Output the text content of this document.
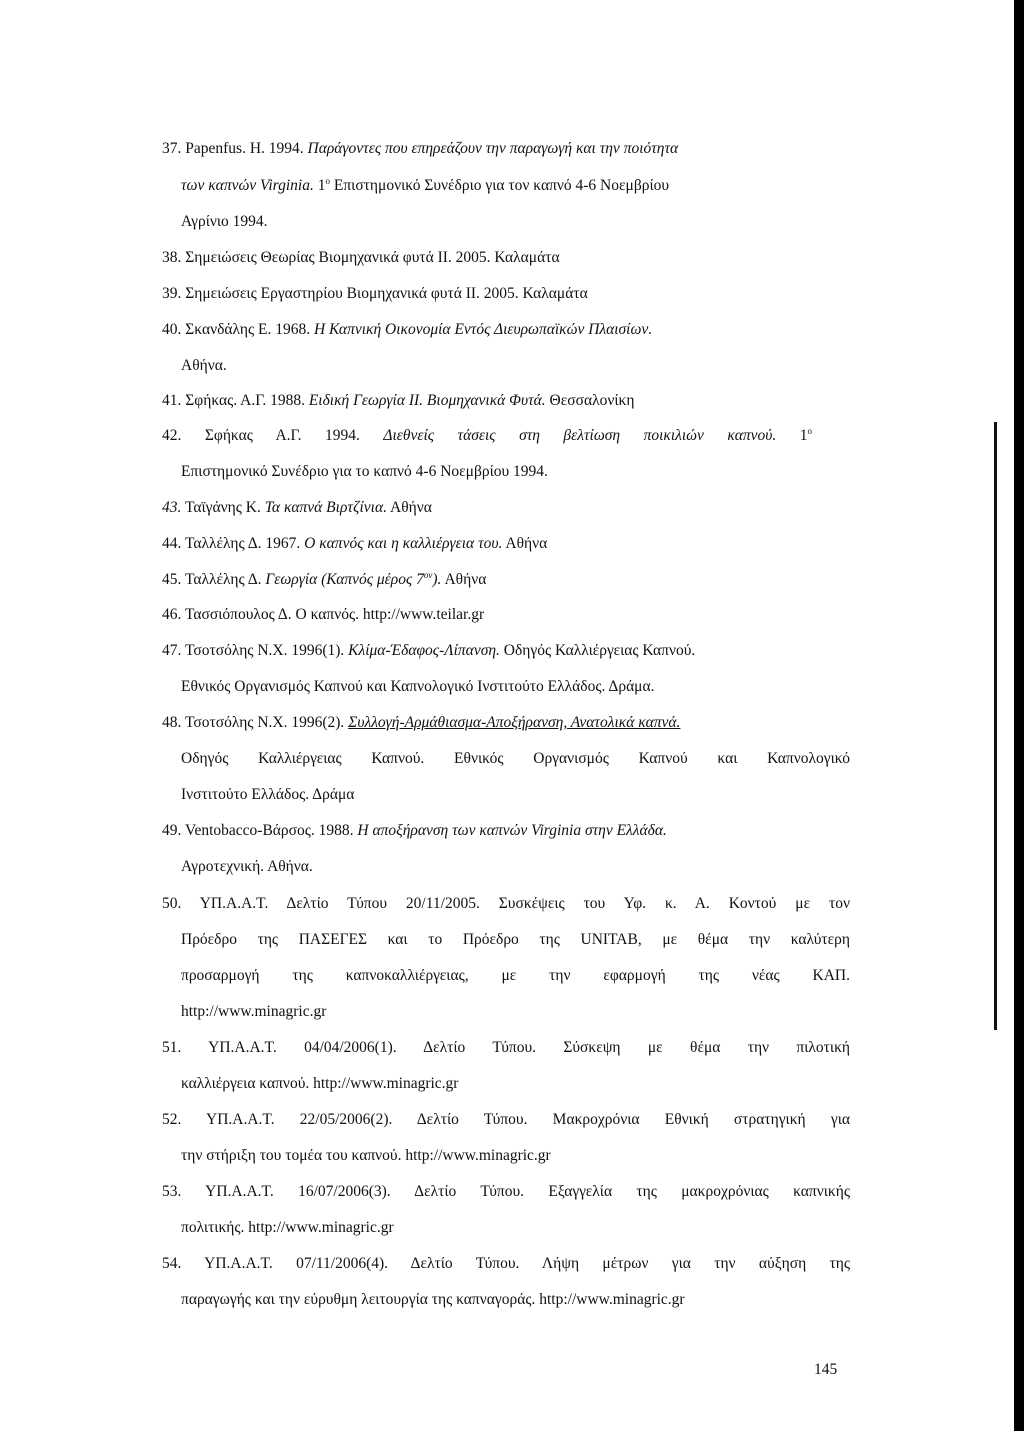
37. Papenfus. H. 1994. Παράγοντες που επηρεάζουν την παραγωγή και την ποιότητα
των καπνών Virginia. $1^o$ Επιστημονικό Συνέδριο για τον καπνό 4-6 Νοεμβρίου
Αγρίνιο 1994.
38. Σημειώσεις Θεωρίας Βιομηχανικά φυτά II. 2005. Καλαμάτα
39. Σημειώσεις Εργαστηρίου Βιομηχανικά φυτά II. 2005. Καλαμάτα
40. Σκανδάλης Ε. 1968. Η Καπνική Οικονομία Εντός Διευρωπαϊκών Πλαισίων.
Αθήνα.
41. Σφήκας. Α.Γ. 1988. Ειδική Γεωργία II. Βιομηχανικά Φυτά. Θεσσαλονίκη
42. Σφήκας Α.Γ. 1994. Διεθνείς τάσεις στη βελτίωση ποικιλιών καπνού. $1^o$
Επιστημονικό Συνέδριο για το καπνό 4-6 Νοεμβρίου 1994.
43. Ταϊγάνης Κ. Τα καπνά Βιρτζίνια. Αθήνα
44. Ταλλέλης Δ. 1967. Ο καπνός και η καλλιέργεια του. Αθήνα
45. Ταλλέλης Δ. Γεωργία (Καπνός μέρος $7^{o\nu}$). Αθήνα
46. Τασσιόπουλος Δ. Ο καπνός. http://www.teilar.gr
47. Τσοτσόλης Ν.Χ. 1996(1). Κλίμα-Έδαφος-Λίπανση. Οδηγός Καλλιέργειας Καπνού.
Εθνικός Οργανισμός Καπνού και Καπνολογικό Ινστιτούτο Ελλάδος. Δράμα.
48. Τσοτσόλης Ν.Χ. 1996(2). Συλλογή-Αρμάθιασμα-Αποξήρανση, Ανατολικά καπνά.
Οδηγός Καλλιέργειας Καπνού. Εθνικός Οργανισμός Καπνού και Καπνολογικό
Ινστιτούτο Ελλάδος. Δράμα
49. Ventobacco-Βάρσος. 1988. Η αποξήρανση των καπνών Virginia στην Ελλάδα.
Αγροτεχνική. Αθήνα.
50. ΥΠ.Α.Α.Τ. Δελτίο Τύπου 20/11/2005. Συσκέψεις του Υφ. κ. Α. Κοντού με τον
Πρόεδρο της ΠΑΣΕΓΕΣ και το Πρόεδρο της UNITAB, με θέμα την καλύτερη
προσαρμογή της καπνοκαλλιέργειας, με την εφαρμογή της νέας ΚΑΠ.
http://www.minagric.gr
51. ΥΠ.Α.Α.Τ. 04/04/2006(1). Δελτίο Τύπου. Σύσκεψη με θέμα την πιλοτική
καλλιέργεια καπνού. http://www.minagric.gr
52. ΥΠ.Α.Α.Τ. 22/05/2006(2). Δελτίο Τύπου. Μακροχρόνια Εθνική στρατηγική για
την στήριξη του τομέα του καπνού. http://www.minagric.gr
53. ΥΠ.Α.Α.Τ. 16/07/2006(3). Δελτίο Τύπου. Εξαγγελία της μακροχρόνιας καπνικής
πολιτικής. http://www.minagric.gr
54. ΥΠ.Α.Α.Τ. 07/11/2006(4). Δελτίο Τύπου. Λήψη μέτρων για την αύξηση της
παραγωγής και την εύρυθμη λειτουργία της καπναγοράς. http://www.minagric.gr
145
